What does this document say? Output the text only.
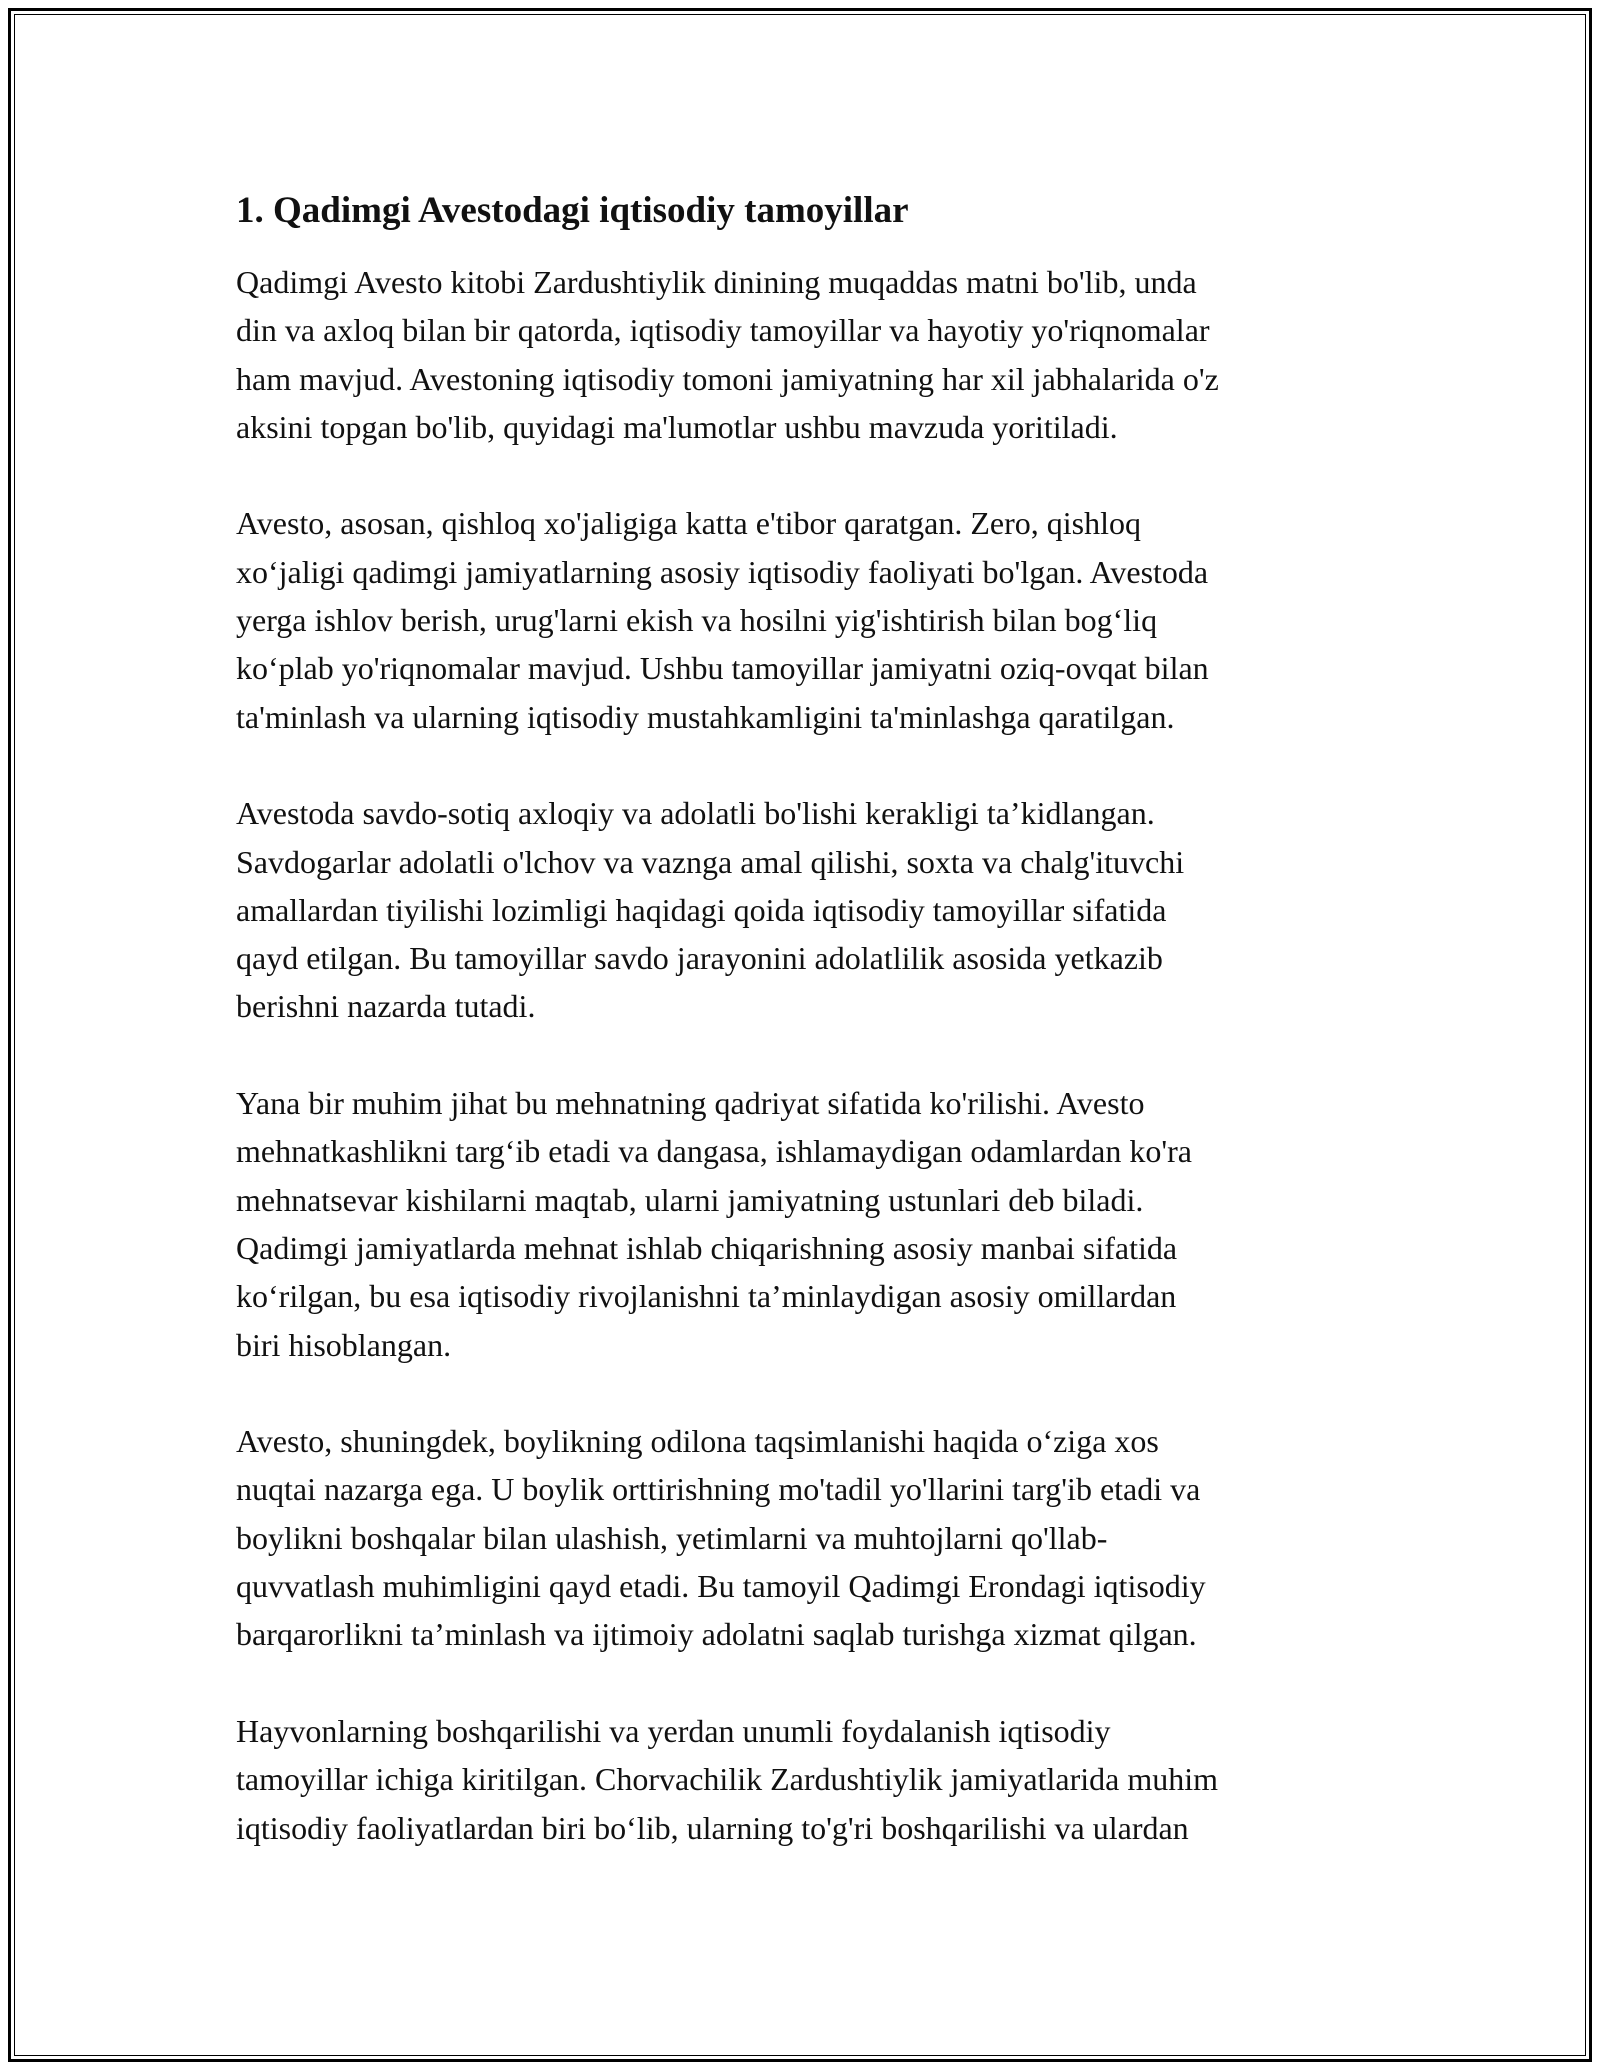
1. Qadimgi Avestodagi iqtisodiy tamoyillar

Qadimgi Avesto kitobi Zardushtiylik dinining muqaddas matni bo'lib, unda
din va axloq bilan bir qatorda, iqtisodiy tamoyillar va hayotiy yo'riqnomalar
ham mavjud. Avestoning iqtisodiy tomoni jamiyatning har xil jabhalarida o'z
aksini topgan bo'lib, quyidagi ma'lumotlar ushbu mavzuda yoritiladi.

Avesto, asosan, qishloq xo'jaligiga katta e'tibor qaratgan. Zero, qishloq
xo‘jaligi qadimgi jamiyatlarning asosiy iqtisodiy faoliyati bo'lgan. Avestoda
yerga ishlov berish, urug'larni ekish va hosilni yig'ishtirish bilan bog‘liq
ko‘plab yo'riqnomalar mavjud. Ushbu tamoyillar jamiyatni oziq-ovqat bilan
ta'minlash va ularning iqtisodiy mustahkamligini ta'minlashga qaratilgan.

Avestoda savdo-sotiq axloqiy va adolatli bo'lishi kerakligi ta’kidlangan.
Savdogarlar adolatli o'lchov va vaznga amal qilishi, soxta va chalg'ituvchi
amallardan tiyilishi lozimligi haqidagi qoida iqtisodiy tamoyillar sifatida
qayd etilgan. Bu tamoyillar savdo jarayonini adolatlilik asosida yetkazib
berishni nazarda tutadi.

Yana bir muhim jihat bu mehnatning qadriyat sifatida ko'rilishi. Avesto
mehnatkashlikni targ‘ib etadi va dangasa, ishlamaydigan odamlardan ko'ra
mehnatsevar kishilarni maqtab, ularni jamiyatning ustunlari deb biladi.
Qadimgi jamiyatlarda mehnat ishlab chiqarishning asosiy manbai sifatida
ko‘rilgan, bu esa iqtisodiy rivojlanishni ta’minlaydigan asosiy omillardan
biri hisoblangan.

Avesto, shuningdek, boylikning odilona taqsimlanishi haqida o‘ziga xos
nuqtai nazarga ega. U boylik orttirishning mo'tadil yo'llarini targ'ib etadi va
boylikni boshqalar bilan ulashish, yetimlarni va muhtojlarni qo'llab-
quvvatlash muhimligini qayd etadi. Bu tamoyil Qadimgi Erondagi iqtisodiy
barqarorlikni ta’minlash va ijtimoiy adolatni saqlab turishga xizmat qilgan.

Hayvonlarning boshqarilishi va yerdan unumli foydalanish iqtisodiy
tamoyillar ichiga kiritilgan. Chorvachilik Zardushtiylik jamiyatlarida muhim
iqtisodiy faoliyatlardan biri bo‘lib, ularning to'g'ri boshqarilishi va ulardan
